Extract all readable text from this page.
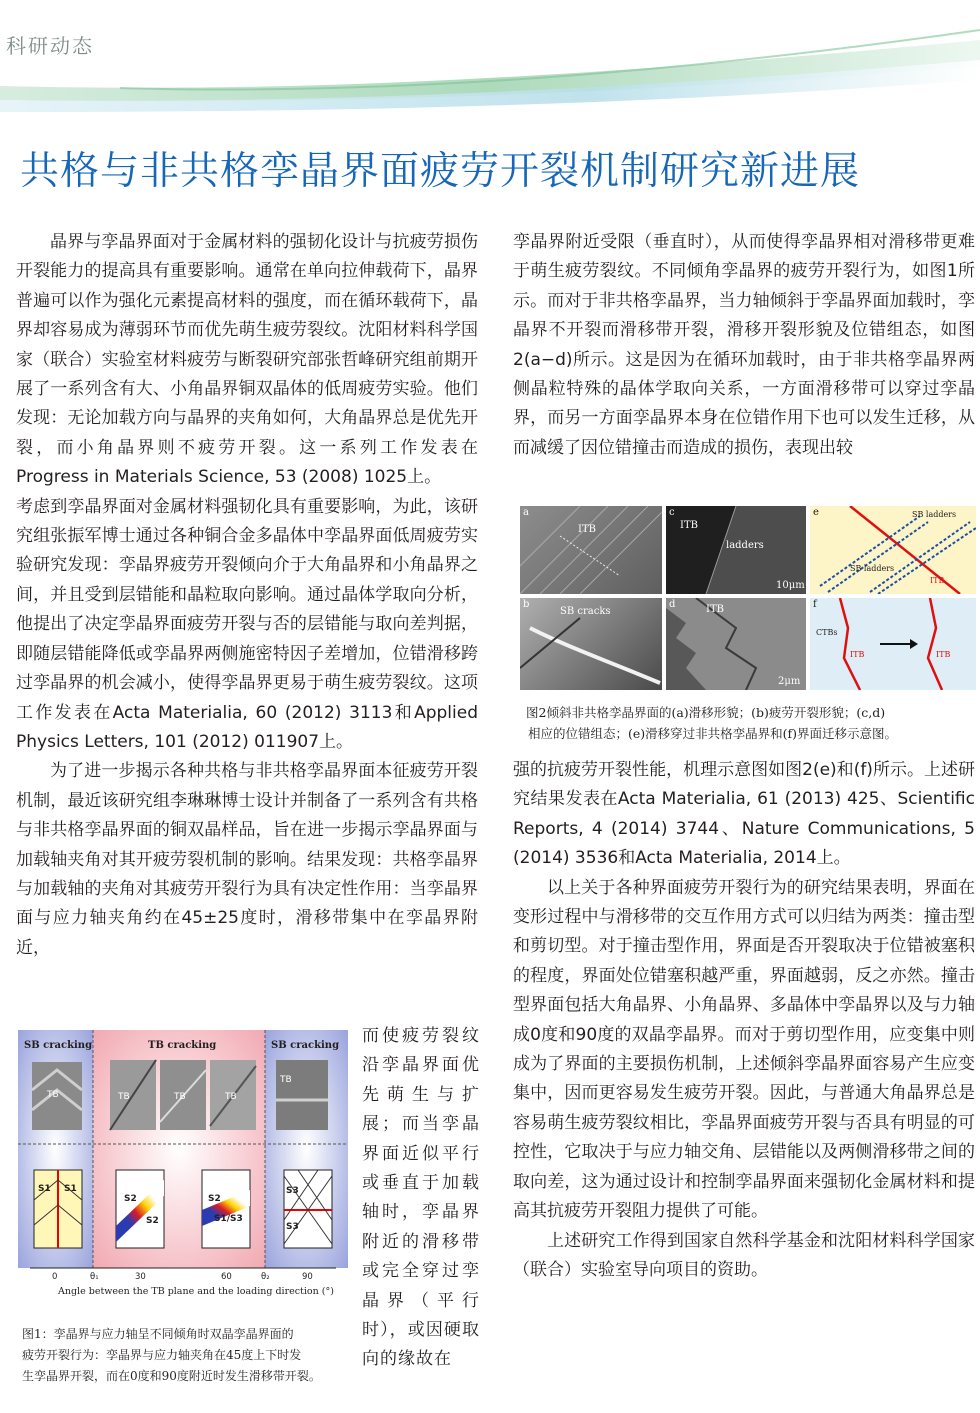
科研动态
共格与非共格孪晶界面疲劳开裂机制研究新进展

晶界与孪晶界面对于金属材料的强韧化设计与抗疲劳损伤开裂能力的提高具有重要影响。通常在单向拉伸载荷下，晶界普遍可以作为强化元素提高材料的强度，而在循环载荷下，晶界却容易成为薄弱环节而优先萌生疲劳裂纹。沈阳材料科学国家（联合）实验室材料疲劳与断裂研究部张哲峰研究组前期开展了一系列含有大、小角晶界铜双晶体的低周疲劳实验。他们发现：无论加载方向与晶界的夹角如何，大角晶界总是优先开裂，而小角晶界则不疲劳开裂。这一系列工作发表在Progress in Materials Science, 53 (2008) 1025上。

考虑到孪晶界面对金属材料强韧化具有重要影响，为此，该研究组张振军博士通过各种铜合金多晶体中孪晶界面低周疲劳实验研究发现：孪晶界疲劳开裂倾向介于大角晶界和小角晶界之间，并且受到层错能和晶粒取向影响。通过晶体学取向分析，他提出了决定孪晶界面疲劳开裂与否的层错能与取向差判据，即随层错能降低或孪晶界两侧施密特因子差增加，位错滑移跨过孪晶界的机会减小，使得孪晶界更易于萌生疲劳裂纹。这项工作发表在Acta Materialia, 60 (2012) 3113和Applied Physics Letters, 101 (2012) 011907上。

为了进一步揭示各种共格与非共格孪晶界面本征疲劳开裂机制，最近该研究组李琳琳博士设计并制备了一系列含有共格与非共格孪晶界面的铜双晶样品，旨在进一步揭示孪晶界面与加载轴夹角对其开疲劳裂机制的影响。结果发现：共格孪晶界与加载轴的夹角对其疲劳开裂行为具有决定性作用：当孪晶界面与应力轴夹角约在45±25度时，滑移带集中在孪晶界附近，

而使疲劳裂纹沿孪晶界面优先萌生与扩展；而当孪晶界面近似平行或垂直于加载轴时，孪晶界附近的滑移带或完全穿过孪晶界（平行时），或因硬取向的缘故在

SB cracking	TB cracking	SB cracking
TB	TB	TB	TB
TB
S1 S1
S2
S2
S2
S1/S3
S3
S3
0	θ₁	30	60	θ₂	90
Angle between the TB plane and the loading direction (°)
图1：孪晶界与应力轴呈不同倾角时双晶孪晶界面的
疲劳开裂行为：孪晶界与应力轴夹角在45度上下时发
生孪晶界开裂，而在0度和90度附近时发生滑移带开裂。

孪晶界附近受限（垂直时），从而使得孪晶界相对滑移带更难于萌生疲劳裂纹。不同倾角孪晶界的疲劳开裂行为，如图1所示。而对于非共格孪晶界，当力轴倾斜于孪晶界面加载时，孪晶界不开裂而滑移带开裂，滑移开裂形貌及位错组态，如图2(a−d)所示。这是因为在循环加载时，由于非共格孪晶界两侧晶粒特殊的晶体学取向关系，一方面滑移带可以穿过孪晶界，而另一方面孪晶界本身在位错作用下也可以发生迁移，从而减缓了因位错撞击而造成的损伤，表现出较

a
ITB
b
SB cracks
c
ITB
ladders
10μm
d	ITB
2μm
e	SB ladders
SB ladders
ITB
f
CTBs
ITB	ITB
图2倾斜非共格孪晶界面的(a)滑移形貌；(b)疲劳开裂形貌；(c,d)
相应的位错组态；(e)滑移穿过非共格孪晶界和(f)界面迁移示意图。

强的抗疲劳开裂性能，机理示意图如图2(e)和(f)所示。上述研究结果发表在Acta Materialia, 61 (2013) 425、Scientific Reports, 4 (2014) 3744、Nature Communications, 5 (2014) 3536和Acta Materialia, 2014上。

以上关于各种界面疲劳开裂行为的研究结果表明，界面在变形过程中与滑移带的交互作用方式可以归结为两类：撞击型和剪切型。对于撞击型作用，界面是否开裂取决于位错被塞积的程度，界面处位错塞积越严重，界面越弱，反之亦然。撞击型界面包括大角晶界、小角晶界、多晶体中孪晶界以及与力轴成0度和90度的双晶孪晶界。而对于剪切型作用，应变集中则成为了界面的主要损伤机制，上述倾斜孪晶界面容易产生应变集中，因而更容易发生疲劳开裂。因此，与普通大角晶界总是容易萌生疲劳裂纹相比，孪晶界面疲劳开裂与否具有明显的可控性，它取决于与应力轴交角、层错能以及两侧滑移带之间的取向差，这为通过设计和控制孪晶界面来强韧化金属材料和提高其抗疲劳开裂阻力提供了可能。

上述研究工作得到国家自然科学基金和沈阳材料科学国家（联合）实验室导向项目的资助。
